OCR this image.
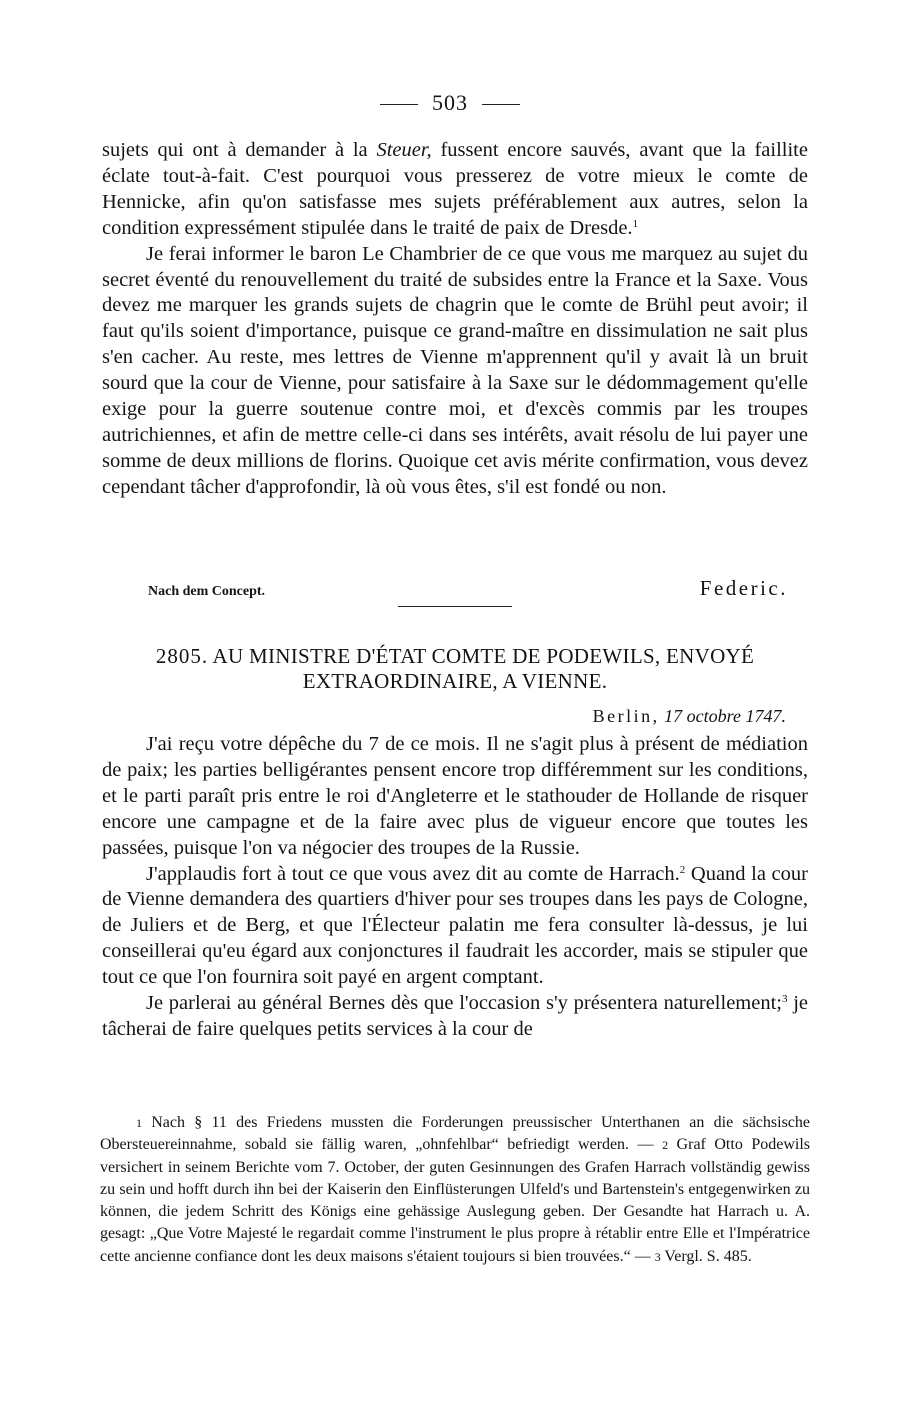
503

sujets qui ont à demander à la Steuer, fussent encore sauvés, avant que la faillite éclate tout-à-fait. C'est pourquoi vous presserez de votre mieux le comte de Hennicke, afin qu'on satisfasse mes sujets préférablement aux autres, selon la condition expressément stipulée dans le traité de paix de Dresde.$^1$

Je ferai informer le baron Le Chambrier de ce que vous me marquez au sujet du secret éventé du renouvellement du traité de subsides entre la France et la Saxe. Vous devez me marquer les grands sujets de chagrin que le comte de Brühl peut avoir; il faut qu'ils soient d'importance, puisque ce grand-maître en dissimulation ne sait plus s'en cacher. Au reste, mes lettres de Vienne m'apprennent qu'il y avait là un bruit sourd que la cour de Vienne, pour satisfaire à la Saxe sur le dédommagement qu'elle exige pour la guerre soutenue contre moi, et d'excès commis par les troupes autrichiennes, et afin de mettre celle-ci dans ses intérêts, avait résolu de lui payer une somme de deux millions de florins. Quoique cet avis mérite confirmation, vous devez cependant tâcher d'approfondir, là où vous êtes, s'il est fondé ou non.

Nach dem Concept.	Federic.
2805. AU MINISTRE D'ÉTAT COMTE DE PODEWILS, ENVOYÉ
EXTRAORDINAIRE, A VIENNE.
Berlin, 17 octobre 1747.

J'ai reçu votre dépêche du 7 de ce mois. Il ne s'agit plus à présent de médiation de paix; les parties belligérantes pensent encore trop différemment sur les conditions, et le parti paraît pris entre le roi d'Angleterre et le stathouder de Hollande de risquer encore une campagne et de la faire avec plus de vigueur encore que toutes les passées, puisque l'on va négocier des troupes de la Russie.

J'applaudis fort à tout ce que vous avez dit au comte de Harrach.$^2$ Quand la cour de Vienne demandera des quartiers d'hiver pour ses troupes dans les pays de Cologne, de Juliers et de Berg, et que l'Électeur palatin me fera consulter là-dessus, je lui conseillerai qu'eu égard aux conjonctures il faudrait les accorder, mais se stipuler que tout ce que l'on fournira soit payé en argent comptant.

Je parlerai au général Bernes dès que l'occasion s'y présentera naturellement;$^3$ je tâcherai de faire quelques petits services à la cour de

1 Nach § 11 des Friedens mussten die Forderungen preussischer Unterthanen an die sächsische Obersteuereinnahme, sobald sie fällig waren, „ohnfehlbar“ befriedigt werden. — 2 Graf Otto Podewils versichert in seinem Berichte vom 7. October, der guten Gesinnungen des Grafen Harrach vollständig gewiss zu sein und hofft durch ihn bei der Kaiserin den Einflüsterungen Ulfeld's und Bartenstein's entgegenwirken zu können, die jedem Schritt des Königs eine gehässige Auslegung geben. Der Gesandte hat Harrach u. A. gesagt: „Que Votre Majesté le regardait comme l'instrument le plus propre à rétablir entre Elle et l'Impératrice cette ancienne confiance dont les deux maisons s'étaient toujours si bien trouvées.“ — 3 Vergl. S. 485.
